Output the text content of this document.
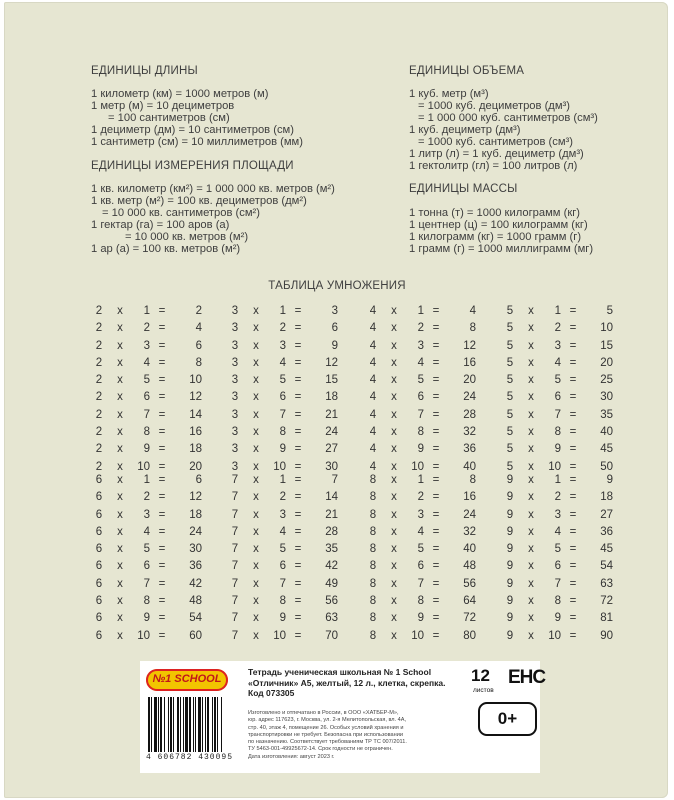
ЕДИНИЦЫ ДЛИНЫ
1 километр (км) = 1000 метров (м)
1 метр (м) = 10 дециметров
= 100 сантиметров (см)
1 дециметр (дм) = 10 сантиметров (см)
1 сантиметр (см) = 10 миллиметров (мм)
ЕДИНИЦЫ ИЗМЕРЕНИЯ ПЛОЩАДИ
1 кв. километр (км²) = 1 000 000 кв. метров (м²)
1 кв. метр (м²) = 100 кв. дециметров (дм²)
= 10 000 кв. сантиметров (см²)
1 гектар (га) = 100 аров (а)
= 10 000 кв. метров (м²)
1 ар (а) = 100 кв. метров (м²)
ЕДИНИЦЫ ОБЪЕМА
1 куб. метр (м³)
= 1000 куб. дециметров (дм³)
= 1 000 000 куб. сантиметров (см³)
1 куб. дециметр (дм³)
= 1000 куб. сантиметров (см³)
1 литр (л) = 1 куб. дециметр (дм³)
1 гектолитр (гл) = 100 литров (л)
ЕДИНИЦЫ МАССЫ
1 тонна (т) = 1000 килограмм (кг)
1 центнер (ц) = 100 килограмм (кг)
1 килограмм (кг) = 1000 грамм (г)
1 грамм (г) = 1000 миллиграмм (мг)
ТАБЛИЦА УМНОЖЕНИЯ
2 x	1 =	2
2 x	2 =	4
2 x	3 =	6
2 x	4 =	8
2 x	5 =	10
2 x	6 =	12
2 x	7 =	14
2 x	8 =	16
2 x	9 =	18
2 x	10 =	20
3 x	1 =	3
3 x	2 =	6
3 x	3 =	9
3 x	4 =	12
3 x	5 =	15
3 x	6 =	18
3 x	7 =	21
3 x	8 =	24
3 x	9 =	27
3 x	10 =	30
4 x	1 =	4
4 x	2 =	8
4 x	3 =	12
4 x	4 =	16
4 x	5 =	20
4 x	6 =	24
4 x	7 =	28
4 x	8 =	32
4 x	9 =	36
4 x	10 =	40
5 x	1 =	5
5 x	2 =	10
5 x	3 =	15
5 x	4 =	20
5 x	5 =	25
5 x	6 =	30
5 x	7 =	35
5 x	8 =	40
5 x	9 =	45
5 x	10 =	50
6 x	1 =	6
6 x	2 =	12
6 x	3 =	18
6 x	4 =	24
6 x	5 =	30
6 x	6 =	36
6 x	7 =	42
6 x	8 =	48
6 x	9 =	54
6 x	10 =	60
7 x	1 =	7
7 x	2 =	14
7 x	3 =	21
7 x	4 =	28
7 x	5 =	35
7 x	6 =	42
7 x	7 =	49
7 x	8 =	56
7 x	9 =	63
7 x	10 =	70
8 x	1 =	8
8 x	2 =	16
8 x	3 =	24
8 x	4 =	32
8 x	5 =	40
8 x	6 =	48
8 x	7 =	56
8 x	8 =	64
8 x	9 =	72
8 x	10 =	80
9 x	1 =	9
9 x	2 =	18
9 x	3 =	27
9 x	4 =	36
9 x	5 =	45
9 x	6 =	54
9 x	7 =	63
9 x	8 =	72
9 x	9 =	81
9 x	10 =	90
№1 SCHOOL
4 606782 430095
Тетрадь ученическая школьная № 1 School
«Отличник» А5, желтый, 12 л., клетка, скрепка.
Код 073305
Изготовлено и отпечатано в России, в ООО «ХАТБЕР-М»,
юр. адрес 117623, г. Москва, ул. 2-я Мелитопольская, вл. 4А,
стр. 40, этаж 4, помещение 26. Особых условий хранения и
транспортировки не требует. Безопасна при использовании
по назначению. Соответствует требованиям ТР ТС 007/2011.
ТУ 5463-001-49925672-14. Срок годности не ограничен.
Дата изготовления: август 2023 г.
12
листов
EHC
0+
